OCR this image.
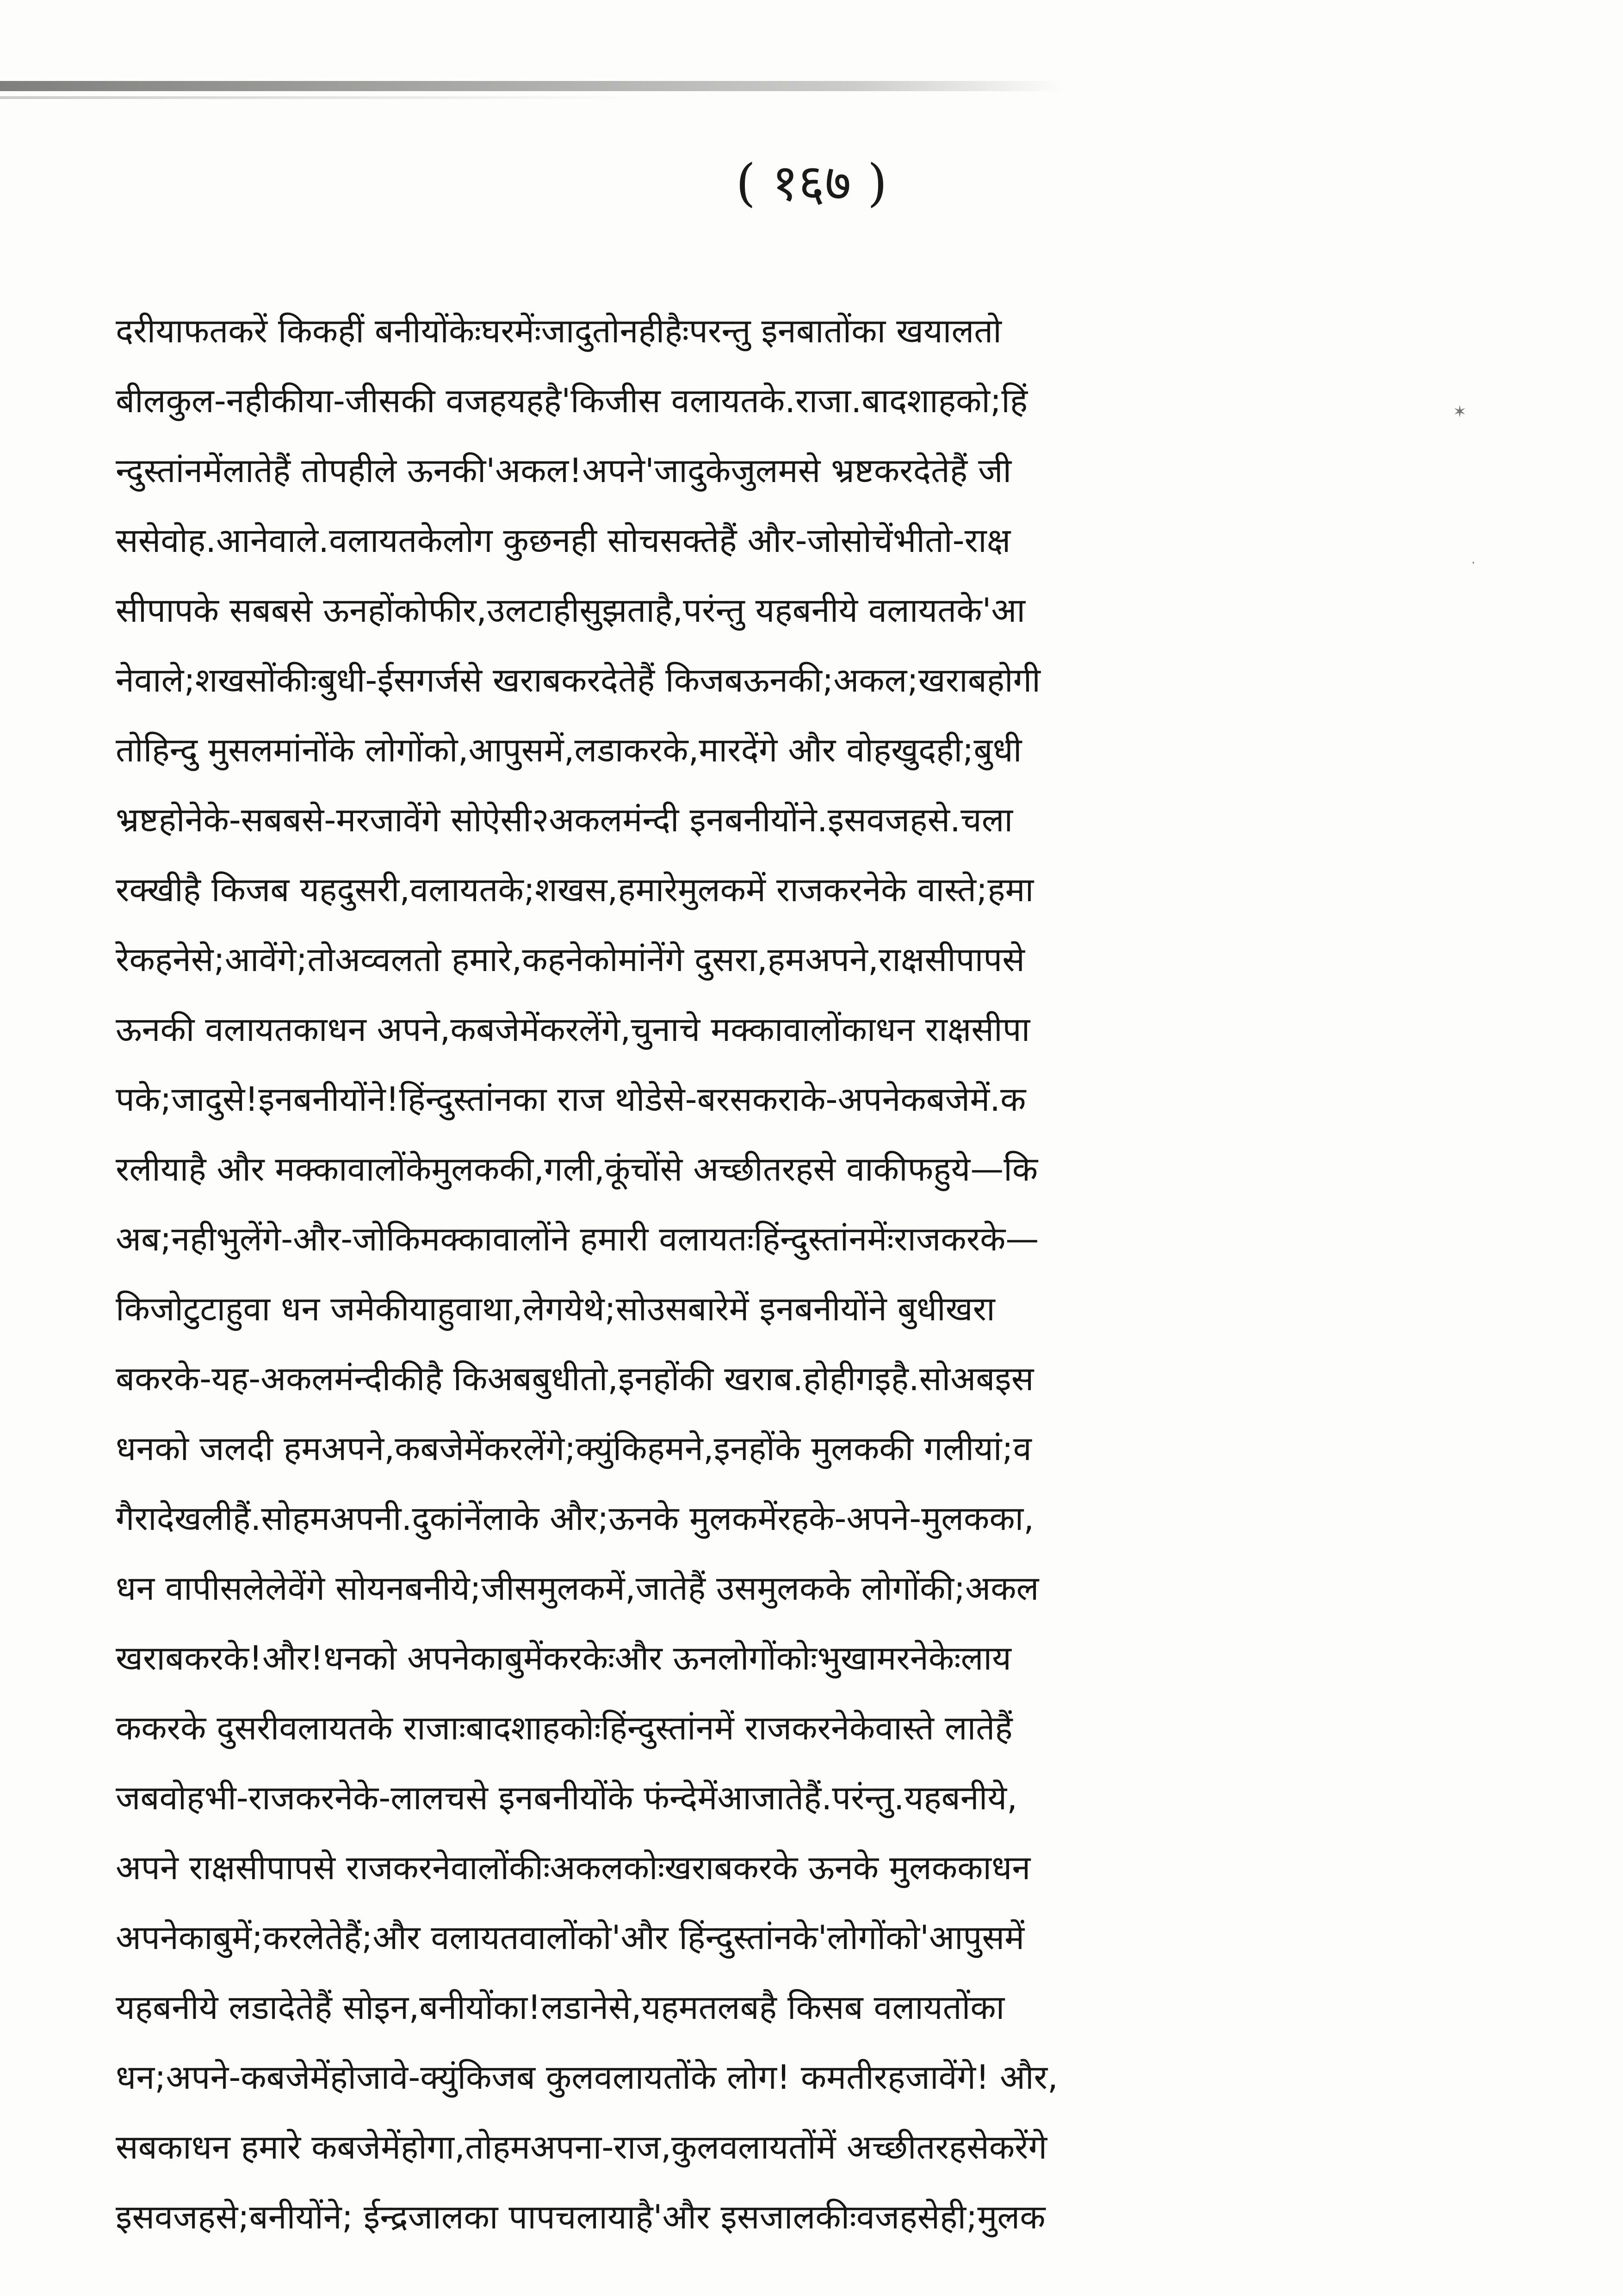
( १६७ )
दरीयाफतकरें किकहीं बनीयोंकेःघरमेंःजादुतोनहीहैःपरन्तु इनबातोंका खयालतो
बीलकुल-नहीकीया-जीसकी वजहयहहै'किजीस वलायतके.राजा.बादशाहको;हिं
न्दुस्तांनमेंलातेहैं तोपहीले ऊनकी'अकल!अपने'जादुकेजुलमसे भ्रष्टकरदेतेहैं जी
ससेवोह.आनेवाले.वलायतकेलोग कुछनही सोचसक्तेहैं और-जोसोचेंभीतो-राक्ष
सीपापके सबबसे ऊनहोंकोफीर,उलटाहीसुझताहै,परंन्तु यहबनीये वलायतके'आ
नेवाले;शखसोंकीःबुधी-ईसगर्जसे खराबकरदेतेहैं किजबऊनकी;अकल;खराबहोगी
तोहिन्दु मुसलमांनोंके लोगोंको,आपुसमें,लडाकरके,मारदेंगे और वोहखुदही;बुधी
भ्रष्टहोनेके-सबबसे-मरजावेंगे सोऐसी२अकलमंन्दी इनबनीयोंने.इसवजहसे.चला
रक्खीहै किजब यहदुसरी,वलायतके;शखस,हमारेमुलकमें राजकरनेके वास्ते;हमा
रेकहनेसे;आवेंगे;तोअव्वलतो हमारे,कहनेकोमांनेंगे दुसरा,हमअपने,राक्षसीपापसे
ऊनकी वलायतकाधन अपने,कबजेमेंकरलेंगे,चुनाचे मक्कावालोंकाधन राक्षसीपा
पके;जादुसे!इनबनीयोंने!हिंन्दुस्तांनका राज थोडेसे-बरसकराके-अपनेकबजेमें.क
रलीयाहै और मक्कावालोंकेमुलककी,गली,कूंचोंसे अच्छीतरहसे वाकीफहुये—कि
अब;नहीभुलेंगे-और-जोकिमक्कावालोंने हमारी वलायतःहिंन्दुस्तांनमेंःराजकरके—
किजोटुटाहुवा धन जमेकीयाहुवाथा,लेगयेथे;सोउसबारेमें इनबनीयोंने बुधीखरा
बकरके-यह-अकलमंन्दीकीहै किअबबुधीतो,इनहोंकी खराब.होहीगइहै.सोअबइस
धनको जलदी हमअपने,कबजेमेंकरलेंगे;क्युंकिहमने,इनहोंके मुलककी गलीयां;व
गैरादेखलीहैं.सोहमअपनी.दुकांनेंलाके और;ऊनके मुलकमेंरहके-अपने-मुलकका,
धन वापीसलेलेवेंगे सोयनबनीये;जीसमुलकमें,जातेहैं उसमुलकके लोगोंकी;अकल
खराबकरके!और!धनको अपनेकाबुमेंकरकेःऔर ऊनलोगोंकोःभुखामरनेकेःलाय
ककरके दुसरीवलायतके राजाःबादशाहकोःहिंन्दुस्तांनमें राजकरनेकेवास्ते लातेहैं
जबवोहभी-राजकरनेके-लालचसे इनबनीयोंके फंन्देमेंआजातेहैं.परंन्तु.यहबनीये,
अपने राक्षसीपापसे राजकरनेवालोंकीःअकलकोःखराबकरके ऊनके मुलककाधन
अपनेकाबुमें;करलेतेहैं;और वलायतवालोंको'और हिंन्दुस्तांनके'लोगोंको'आपुसमें
यहबनीये लडादेतेहैं सोइन,बनीयोंका!लडानेसे,यहमतलबहै किसब वलायतोंका
धन;अपने-कबजेमेंहोजावे-क्युंकिजब कुलवलायतोंके लोग! कमतीरहजावेंगे! और,
सबकाधन हमारे कबजेमेंहोगा,तोहमअपना-राज,कुलवलायतोंमें अच्छीतरहसेकरेंगे
इसवजहसे;बनीयोंने; ईन्द्रजालका पापचलायाहै'और इसजालकीःवजहसेही;मुलक
✶
·
